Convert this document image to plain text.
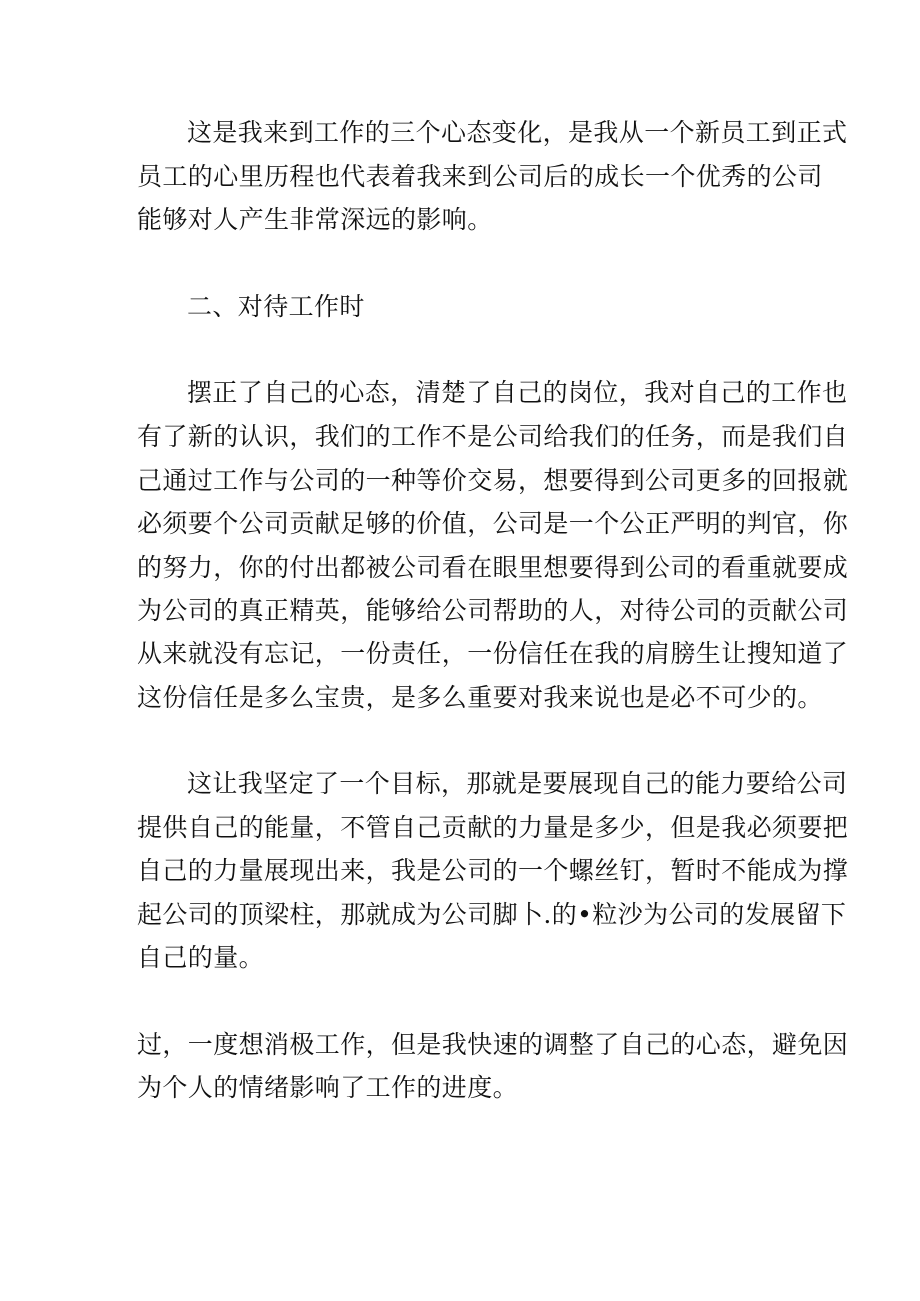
这是我来到工作的三个心态变化，是我从一个新员工到正式
员工的心里历程也代表着我来到公司后的成长一个优秀的公司
能够对人产生非常深远的影响。
二、对待工作时
摆正了自己的心态，清楚了自己的岗位，我对自己的工作也
有了新的认识，我们的工作不是公司给我们的任务，而是我们自
己通过工作与公司的一种等价交易，想要得到公司更多的回报就
必须要个公司贡献足够的价值，公司是一个公正严明的判官，你
的努力，你的付出都被公司看在眼里想要得到公司的看重就要成
为公司的真正精英，能够给公司帮助的人，对待公司的贡献公司
从来就没有忘记，一份责任，一份信任在我的肩膀生让搜知道了
这份信任是多么宝贵，是多么重要对我来说也是必不可少的。
这让我坚定了一个目标，那就是要展现自己的能力要给公司
提供自己的能量，不管自己贡献的力量是多少，但是我必须要把
自己的力量展现出来，我是公司的一个螺丝钉，暂时不能成为撑
起公司的顶梁柱，那就成为公司脚卜.的•粒沙为公司的发展留下
自己的量。
过，一度想消极工作，但是我快速的调整了自己的心态，避免因
为个人的情绪影响了工作的进度。
